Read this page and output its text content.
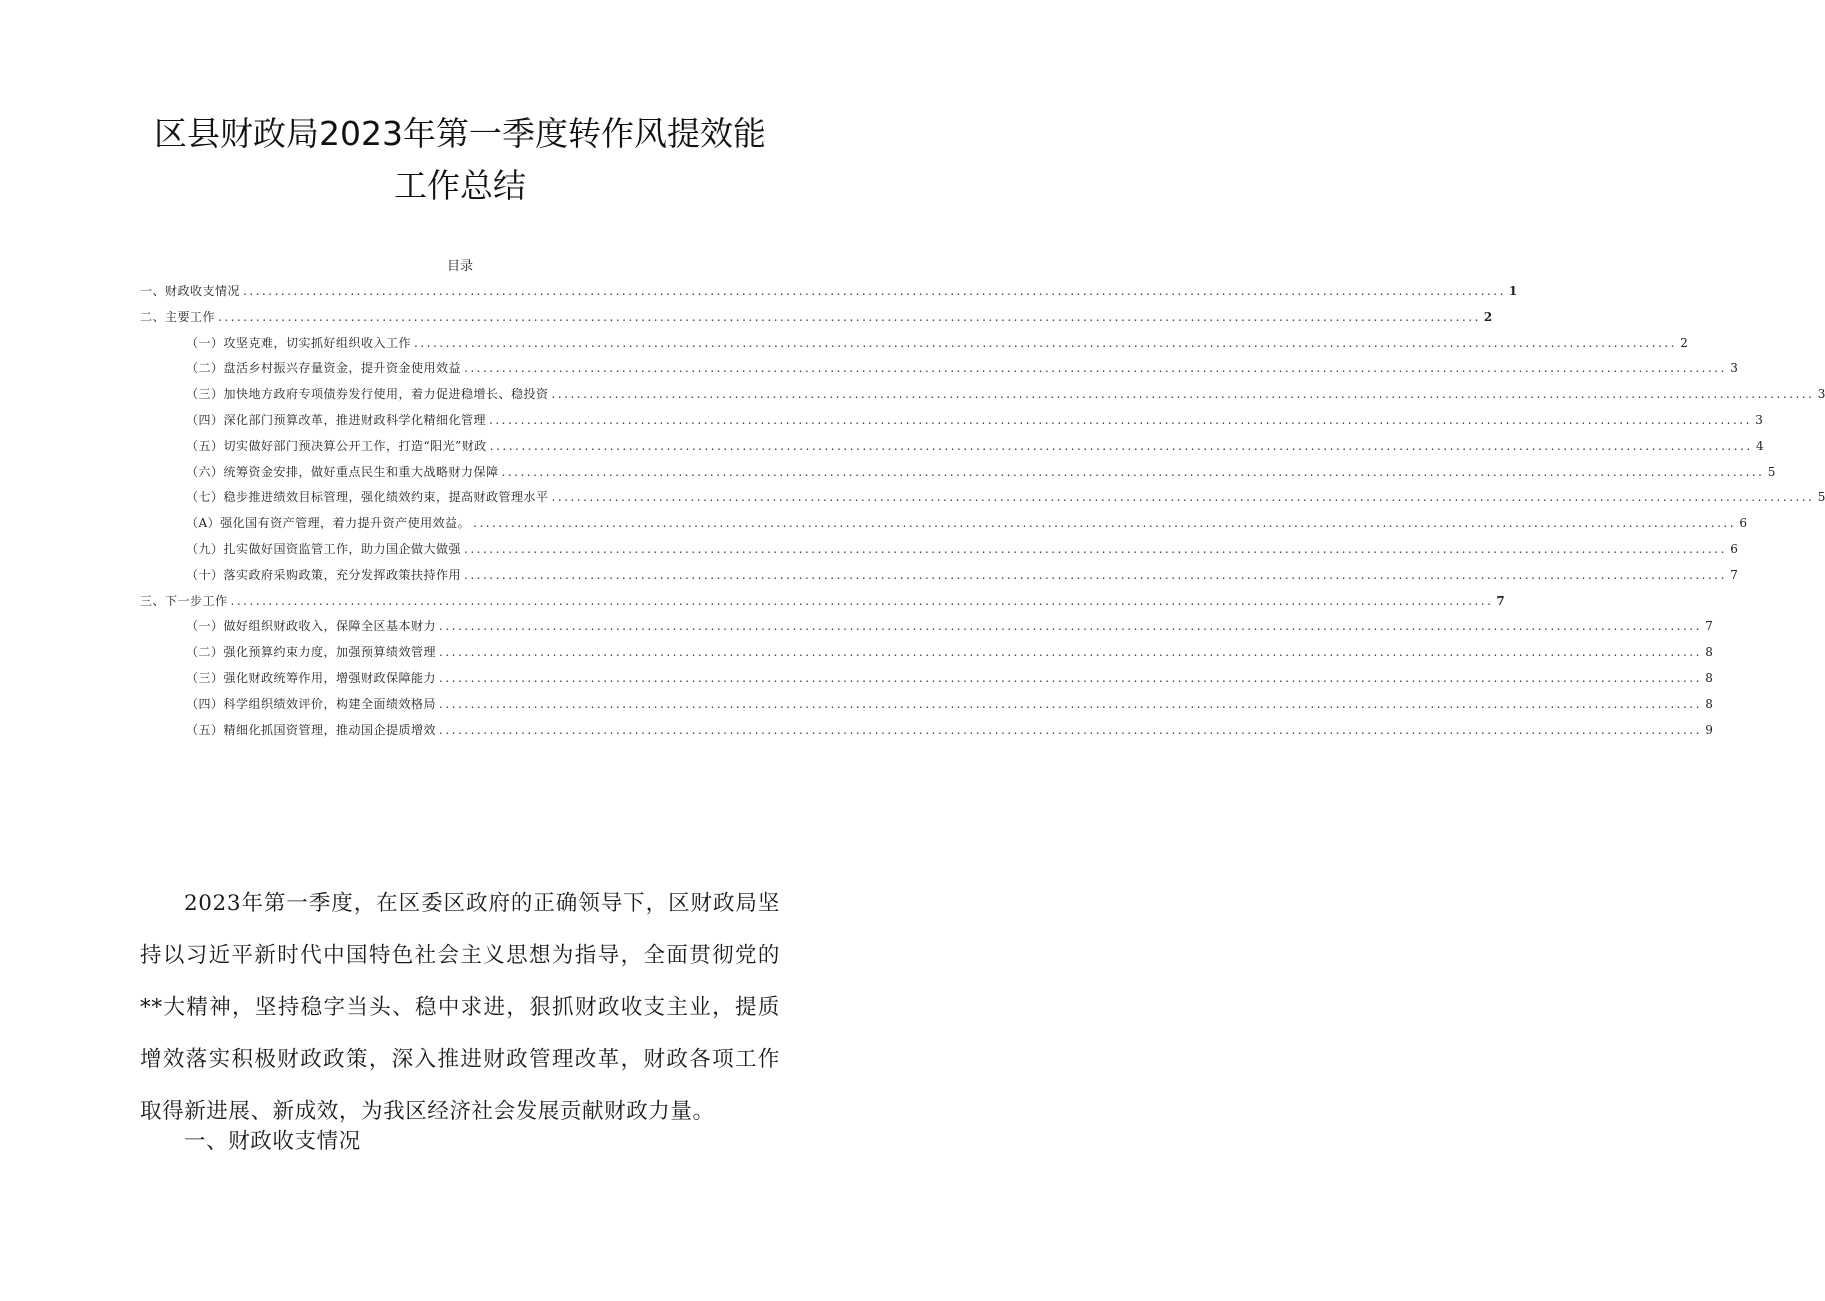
区县财政局2023年第一季度转作风提效能
工作总结
目录
一、财政收支情况 ........................................................................................................................................................................................................ 1
二、主要工作 ........................................................................................................................................................................................................ 2
（一）攻坚克难，切实抓好组织收入工作 ........................................................................................................................................................................................................ 2
（二）盘活乡村振兴存量资金，提升资金使用效益 ........................................................................................................................................................................................................ 3
（三）加快地方政府专项债券发行使用，着力促进稳增长、稳投资 ........................................................................................................................................................................................................ 3
（四）深化部门预算改革，推进财政科学化精细化管理 ........................................................................................................................................................................................................ 3
（五）切实做好部门预决算公开工作，打造“阳光”财政 ........................................................................................................................................................................................................ 4
（六）统筹资金安排，做好重点民生和重大战略财力保障 ........................................................................................................................................................................................................ 5
（七）稳步推进绩效目标管理，强化绩效约束，提高财政管理水平 ........................................................................................................................................................................................................ 5
（A）强化国有资产管理，着力提升资产使用效益。 ........................................................................................................................................................................................................ 6
（九）扎实做好国资监管工作，助力国企做大做强 ........................................................................................................................................................................................................ 6
（十）落实政府采购政策，充分发挥政策扶持作用 ........................................................................................................................................................................................................ 7
三、下一步工作 ........................................................................................................................................................................................................ 7
（一）做好组织财政收入，保障全区基本财力 ........................................................................................................................................................................................................ 7
（二）强化预算约束力度，加强预算绩效管理 ........................................................................................................................................................................................................ 8
（三）强化财政统筹作用，增强财政保障能力 ........................................................................................................................................................................................................ 8
（四）科学组织绩效评价，构建全面绩效格局 ........................................................................................................................................................................................................ 8
（五）精细化抓国资管理，推动国企提质增效 ........................................................................................................................................................................................................ 9

2023年第一季度，在区委区政府的正确领导下，区财政局坚持以习近平新时代中国特色社会主义思想为指导，全面贯彻党的**大精神，坚持稳字当头、稳中求进，狠抓财政收支主业，提质增效落实积极财政政策，深入推进财政管理改革，财政各项工作取得新进展、新成效，为我区经济社会发展贡献财政力量。

一、财政收支情况
